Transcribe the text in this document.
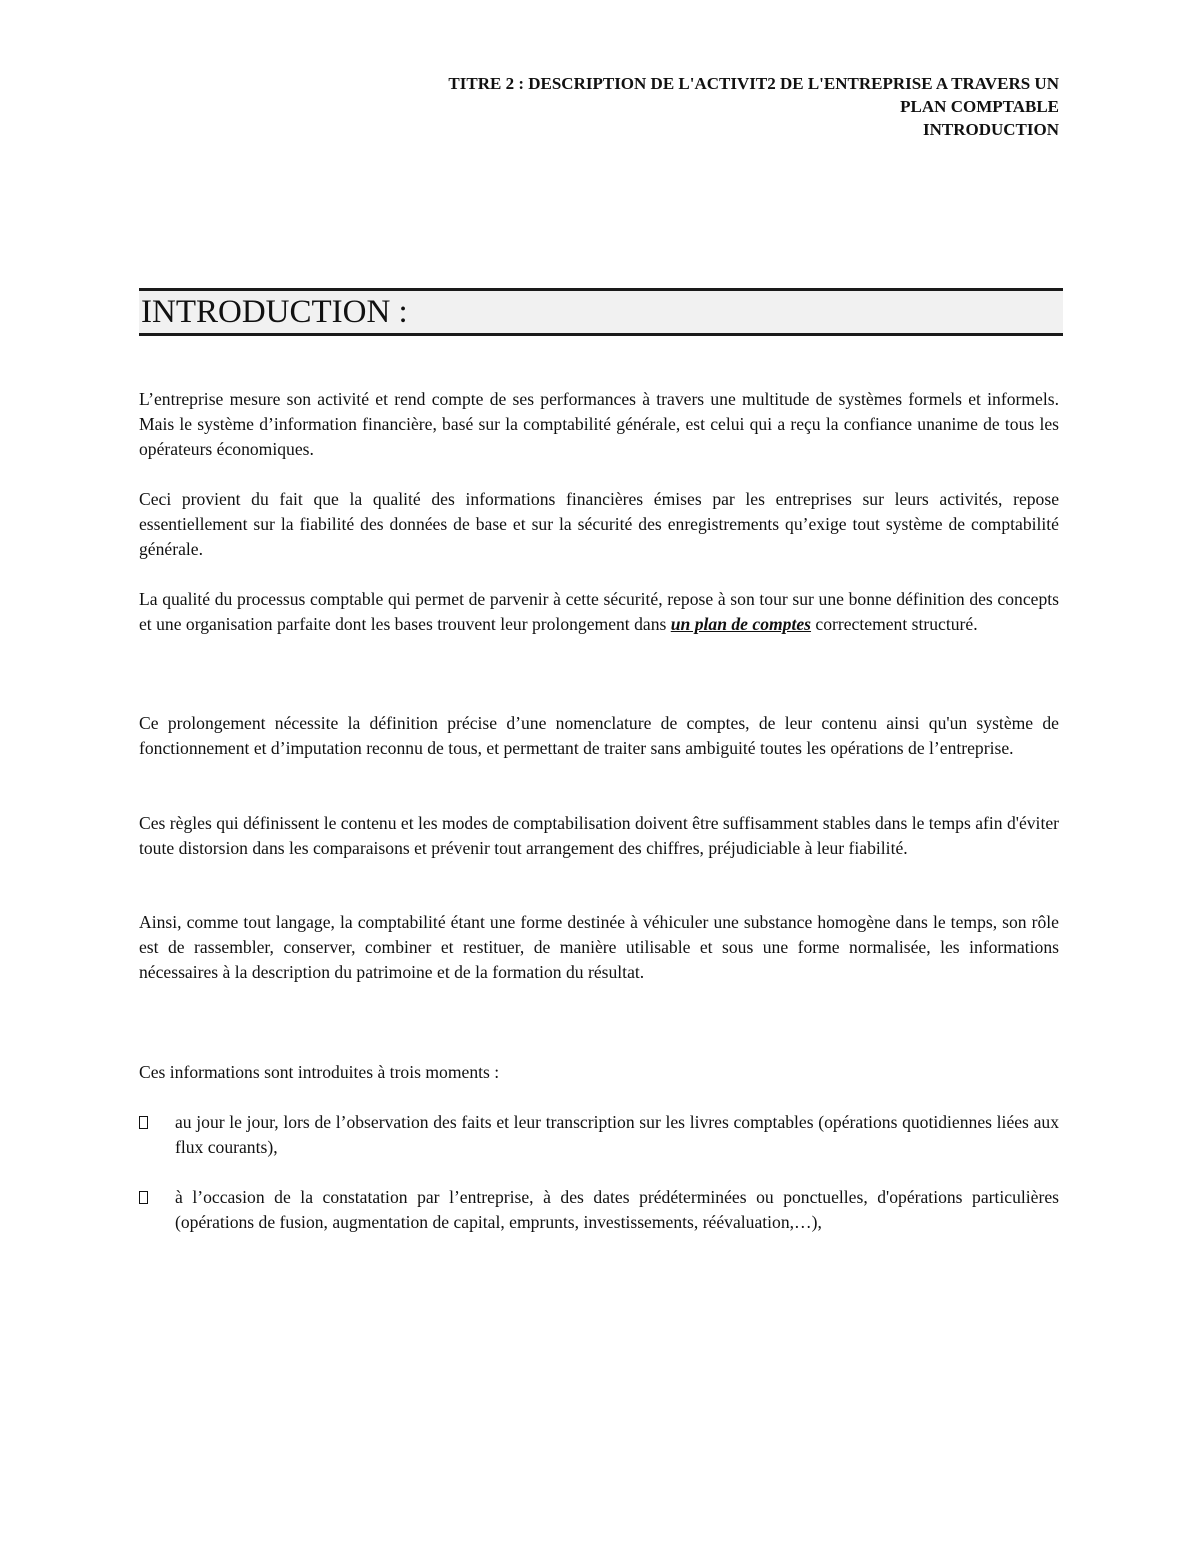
TITRE 2 : DESCRIPTION DE L'ACTIVIT2 DE L'ENTREPRISE A TRAVERS UN
PLAN COMPTABLE
INTRODUCTION
INTRODUCTION :
L’entreprise mesure son activité et rend compte de ses performances à travers une multitude de systèmes formels et informels. Mais le système d’information financière, basé sur la comptabilité générale, est celui qui a reçu la confiance unanime de tous les opérateurs économiques.
Ceci provient du fait que la qualité des informations financières émises par les entreprises sur leurs activités, repose essentiellement sur la fiabilité des données de base et sur la sécurité des enregistrements qu’exige tout système de comptabilité générale.
La qualité du processus comptable qui permet de parvenir à cette sécurité, repose à son tour sur une bonne définition des concepts et une organisation parfaite dont les bases trouvent leur prolongement dans un plan de comptes correctement structuré.
Ce prolongement nécessite la définition précise d’une nomenclature de comptes, de leur contenu ainsi qu'un système de fonctionnement et d’imputation reconnu de tous, et permettant de traiter sans ambiguité toutes les opérations de l’entreprise.
Ces règles qui définissent le contenu et les modes de comptabilisation doivent être suffisamment stables dans le temps afin d'éviter toute distorsion dans les comparaisons et prévenir tout arrangement des chiffres, préjudiciable à leur fiabilité.
Ainsi, comme tout langage, la comptabilité étant une forme destinée à véhiculer une substance homogène dans le temps, son rôle est de rassembler, conserver, combiner et restituer, de manière utilisable et sous une forme normalisée, les informations nécessaires à la description du patrimoine et de la formation du résultat.
Ces informations sont introduites à trois moments :
au jour le jour, lors de l’observation des faits et leur transcription sur les livres comptables (opérations quotidiennes liées aux flux courants),
à l’occasion de la constatation par l’entreprise, à des dates prédéterminées ou ponctuelles, d'opérations particulières (opérations de fusion, augmentation de capital, emprunts, investissements, réévaluation,…),
